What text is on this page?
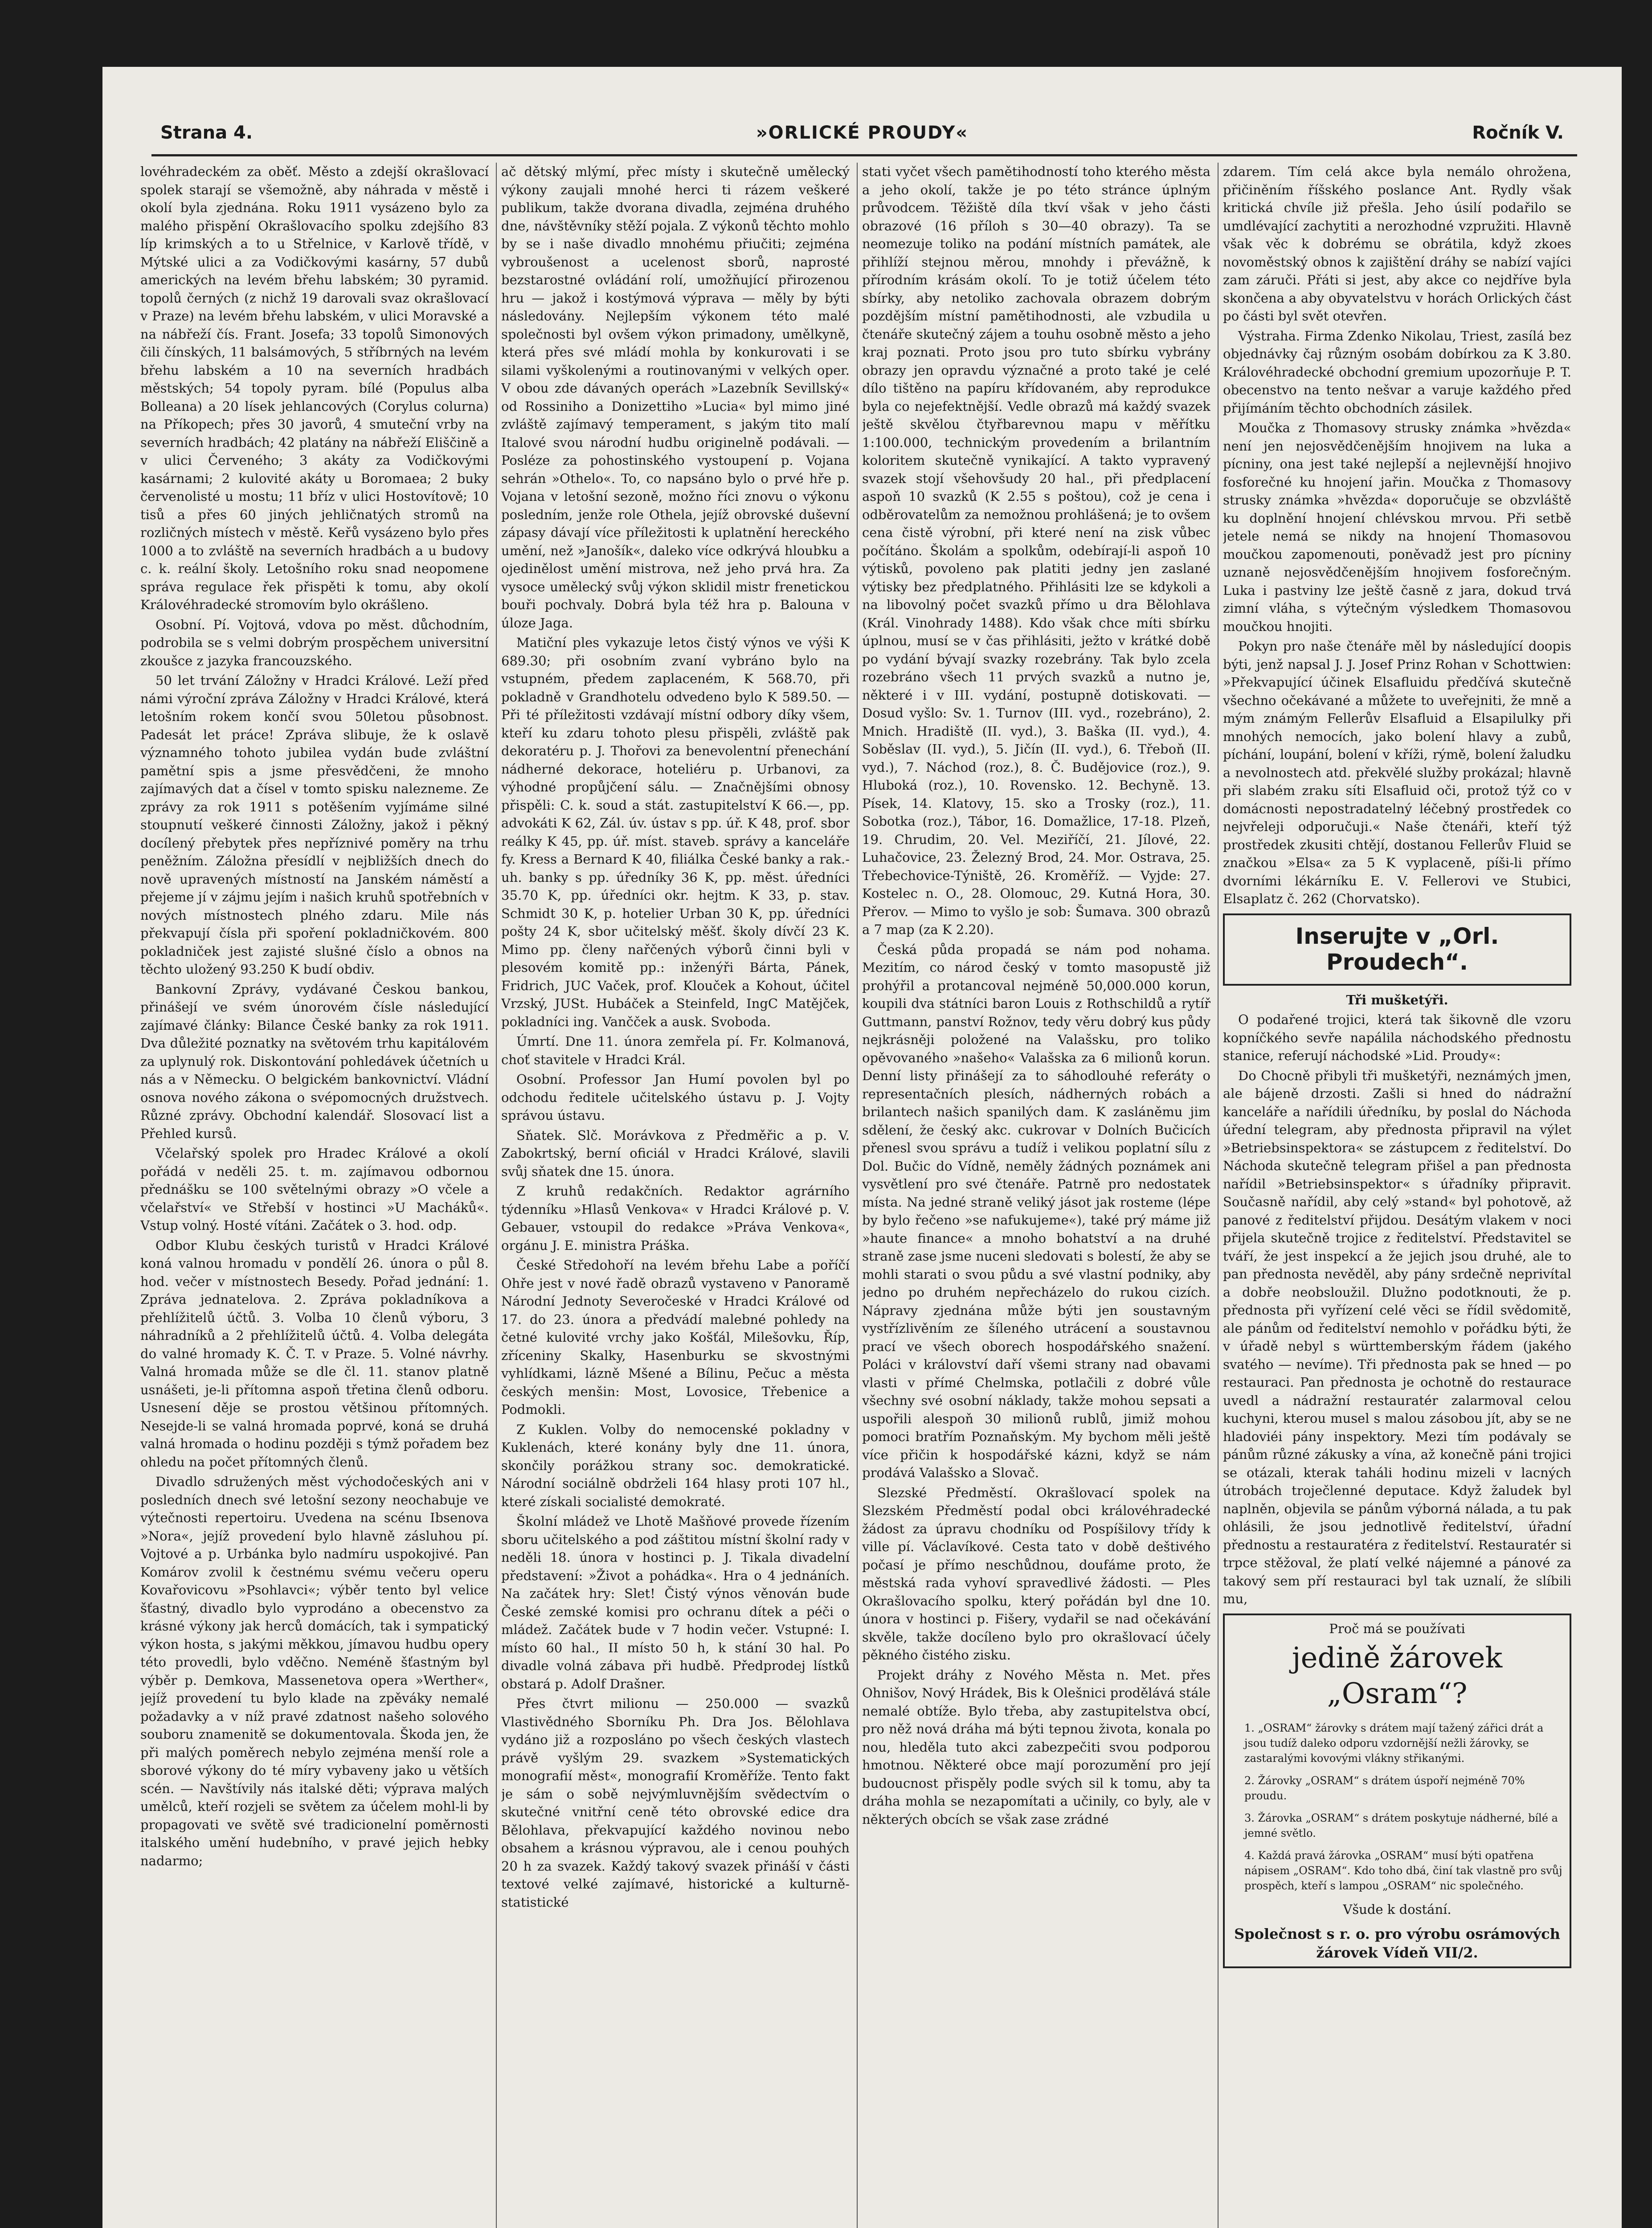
Strana 4.	»ORLICKÉ PROUDY«	Ročník V.

lovéhradeckém za oběť. Město a zdejší okrašlovací spolek starají se všemožně, aby náhrada v městě i okolí byla zjednána. Roku 1911 vysázeno bylo za malého přispění Okrašlovacího spolku zdejšího 83 líp krimských a to u Střelnice, v Karlově třídě, v Mýtské ulici a za Vodičkovými kasárny, 57 dubů amerických na levém břehu labském; 30 pyramid. topolů černých (z nichž 19 darovali svaz okrašlovací v Praze) na levém břehu labském, v ulici Moravské a na nábřeží čís. Frant. Josefa; 33 topolů Simonových čili čínských, 11 balsámových, 5 stříbrných na levém břehu labském a 10 na severních hradbách městských; 54 topoly pyram. bílé (Populus alba Bolleana) a 20 lísek jehlancových (Corylus colurna) na Příkopech; přes 30 javorů, 4 smuteční vrby na severních hradbách; 42 platány na nábřeží Eliščině a v ulici Červeného; 3 akáty za Vodičkovými kasárnami; 2 kulovité akáty u Boromaea; 2 buky červenolisté u mostu; 11 bříz v ulici Hostovítově; 10 tisů a přes 60 jiných jehličnatých stromů na rozličných místech v městě. Keřů vysázeno bylo přes 1000 a to zvláště na severních hradbách a u budovy c. k. reální školy. Letošního roku snad neopomene správa regulace řek přispěti k tomu, aby okolí Královéhradecké stromovím bylo okrášleno.

Osobní. Pí. Vojtová, vdova po měst. důchodním, podrobila se s velmi dobrým prospěchem universitní zkoušce z jazyka francouzského.

50 let trvání Záložny v Hradci Králové. Leží před námi výroční zpráva Záložny v Hradci Králové, která letošním rokem končí svou 50letou působnost. Padesát let práce! Zpráva slibuje, že k oslavě významného tohoto jubilea vydán bude zvláštní pamětní spis a jsme přesvědčeni, že mnoho zajímavých dat a čísel v tomto spisku nalezneme. Ze zprávy za rok 1911 s potěšením vyjímáme silné stoupnutí veškeré činnosti Záložny, jakož i pěkný docílený přebytek přes nepříznivé poměry na trhu peněžním. Záložna přesídlí v nejbližších dnech do nově upravených místností na Janském náměstí a přejeme jí v zájmu jejím i našich kruhů spotřebních v nových místnostech plného zdaru. Mile nás překvapují čísla při spoření pokladničkovém. 800 pokladniček jest zajisté slušné číslo a obnos na těchto uložený 93.250 K budí obdiv.

Bankovní Zprávy, vydávané Českou bankou, přinášejí ve svém únorovém čísle následující zajímavé články: Bilance České banky za rok 1911. Dva důležité poznatky na světovém trhu kapitálovém za uplynulý rok. Diskontování pohledávek účetních u nás a v Německu. O belgickém bankovnictví. Vládní osnova nového zákona o svépomocných družstvech. Různé zprávy. Obchodní kalendář. Slosovací list a Přehled kursů.

Včelařský spolek pro Hradec Králové a okolí pořádá v neděli 25. t. m. zajímavou odbornou přednášku se 100 světelnými obrazy »O včele a včelařství« ve Střebší v hostinci »U Macháků«. Vstup volný. Hosté vítáni. Začátek o 3. hod. odp.

Odbor Klubu českých turistů v Hradci Králové koná valnou hromadu v pondělí 26. února o půl 8. hod. večer v místnostech Besedy. Pořad jednání: 1. Zpráva jednatelova. 2. Zpráva pokladníkova a přehlížitelů účtů. 3. Volba 10 členů výboru, 3 náhradníků a 2 přehlížitelů účtů. 4. Volba delegáta do valné hromady K. Č. T. v Praze. 5. Volné návrhy. Valná hromada může se dle čl. 11. stanov platně usnášeti, je-li přítomna aspoň třetina členů odboru. Usnesení děje se prostou většinou přítomných. Nesejde-li se valná hromada poprvé, koná se druhá valná hromada o hodinu později s týmž pořadem bez ohledu na počet přítomných členů.

Divadlo sdružených měst východočeských ani v posledních dnech své letošní sezony neochabuje ve výtečnosti repertoiru. Uvedena na scénu Ibsenova »Nora«, jejíž provedení bylo hlavně zásluhou pí. Vojtové a p. Urbánka bylo nadmíru uspokojivé. Pan Komárov zvolil k čestnému svému večeru operu Kovařovicovu »Psohlavci«; výběr tento byl velice šťastný, divadlo bylo vyprodáno a obecenstvo za krásné výkony jak herců domácích, tak i sympatický výkon hosta, s jakými měkkou, jímavou hudbu opery této provedli, bylo vděčno. Neméně šťastným byl výběr p. Demkova, Massenetova opera »Werther«, jejíž provedení tu bylo klade na zpěváky nemalé požadavky a v níž pravé zdatnost našeho solového souboru znamenitě se dokumentovala. Škoda jen, že při malých poměrech nebylo zejména menší role a sborové výkony do té míry vybaveny jako u větších scén. — Navštívily nás italské děti; výprava malých umělců, kteří rozjeli se světem za účelem mohl-li by propagovati ve světě své tradicionelní poměrnosti italského umění hudebního, v pravé jejich hebky nadarmo;

ač dětský mlýmí, přec místy i skutečně umělecký výkony zaujali mnohé herci ti rázem veškeré publikum, takže dvorana divadla, zejména druhého dne, návštěvníky stěží pojala. Z výkonů těchto mohlo by se i naše divadlo mnohému přiučiti; zejména vybroušenost a ucelenost sborů, naprosté bezstarostné ovládání rolí, umožňující přirozenou hru — jakož i kostýmová výprava — měly by býti následovány. Nejlepším výkonem této malé společnosti byl ovšem výkon primadony, umělkyně, která přes své mládí mohla by konkurovati i se silami vyškolenými a routinovanými v velkých oper. V obou zde dávaných operách »Lazebník Sevillský« od Rossiniho a Donizettiho »Lucia« byl mimo jiné zvláště zajímavý temperament, s jakým tito malí Italové svou národní hudbu originelně podávali. — Posléze za pohostinského vystoupení p. Vojana sehrán »Othelo«. To, co napsáno bylo o prvé hře p. Vojana v letošní sezoně, možno říci znovu o výkonu posledním, jenže role Othela, jejíž obrovské duševní zápasy dávají více příležitosti k uplatnění hereckého umění, než »Janošík«, daleko více odkrývá hloubku a ojedinělost umění mistrova, než jeho prvá hra. Za vysoce umělecký svůj výkon sklidil mistr frenetickou bouři pochvaly. Dobrá byla též hra p. Balouna v úloze Jaga.

Matiční ples vykazuje letos čistý výnos ve výši K 689.30; při osobním zvaní vybráno bylo na vstupném, předem zaplaceném, K 568.70, při pokladně v Grandhotelu odvedeno bylo K 589.50. — Při té příležitosti vzdávají místní odbory díky všem, kteří ku zdaru tohoto plesu přispěli, zvláště pak dekoratéru p. J. Thořovi za benevolentní přenechání nádherné dekorace, hoteliéru p. Urbanovi, za výhodné propůjčení sálu. — Značnějšími obnosy přispěli: C. k. soud a stát. zastupitelství K 66.—, pp. advokáti K 62, Zál. úv. ústav s pp. úř. K 48, prof. sbor reálky K 45, pp. úř. míst. staveb. správy a kanceláře fy. Kress a Bernard K 40, filiálka České banky a rak.-uh. banky s pp. úředníky 36 K, pp. měst. úředníci 35.70 K, pp. úředníci okr. hejtm. K 33, p. stav. Schmidt 30 K, p. hotelier Urban 30 K, pp. úředníci pošty 24 K, sbor učitelský měšť. školy dívčí 23 K. Mimo pp. členy nařčených výborů činni byli v plesovém komitě pp.: inženýři Bárta, Pánek, Fridrich, JUC Vaček, prof. Klouček a Kohout, účitel Vrzský, JUSt. Hubáček a Steinfeld, IngC Matějček, pokladníci ing. Vančček a ausk. Svoboda.

Úmrtí. Dne 11. února zemřela pí. Fr. Kolmanová, choť stavitele v Hradci Král.

Osobní. Professor Jan Humí povolen byl po odchodu ředitele učitelského ústavu p. J. Vojty správou ústavu.

Sňatek. Slč. Morávkova z Předměřic a p. V. Zabokrtský, berní oficiál v Hradci Králové, slavili svůj sňatek dne 15. února.

Z kruhů redakčních. Redaktor agrárního týdenníku »Hlasů Venkova« v Hradci Králové p. V. Gebauer, vstoupil do redakce »Práva Venkova«, orgánu J. E. ministra Práška.

České Středohoří na levém břehu Labe a poříčí Ohře jest v nové řadě obrazů vystaveno v Panoramě Národní Jednoty Severočeské v Hradci Králové od 17. do 23. února a předvádí malebné pohledy na četné kulovité vrchy jako Košťál, Milešovku, Říp, zříceniny Skalky, Hasenburku se skvostnými vyhlídkami, lázně Mšené a Bílinu, Pečuc a města českých menšin: Most, Lovosice, Třebenice a Podmokli.

Z Kuklen. Volby do nemocenské pokladny v Kuklenách, které konány byly dne 11. února, skončily porážkou strany soc. demokratické. Národní sociálně obdrželi 164 hlasy proti 107 hl., které získali socialisté demokraté.

Školní mládež ve Lhotě Mašňové provede řízením sboru učitelského a pod záštitou místní školní rady v neděli 18. února v hostinci p. J. Tikala divadelní představení: »Život a pohádka«. Hra o 4 jednáních. Na začátek hry: Slet! Čistý výnos věnován bude České zemské komisi pro ochranu dítek a péči o mládež. Začátek bude v 7 hodin večer. Vstupné: I. místo 60 hal., II místo 50 h, k stání 30 hal. Po divadle volná zábava při hudbě. Předprodej lístků obstará p. Adolf Drašner.

Přes čtvrt milionu — 250.000 — svazků Vlastivědného Sborníku Ph. Dra Jos. Bělohlava vydáno již a rozposláno po všech českých vlastech právě vyšlým 29. svazkem »Systematických monografií měst«, monografií Kroměříže. Tento fakt je sám o sobě nejvýmluvnějším svědectvím o skutečné vnitřní ceně této obrovské edice dra Bělohlava, překvapující každého novinou nebo obsahem a krásnou výpravou, ale i cenou pouhých 20 h za svazek. Každý takový svazek přináší v části textové velké zajímavé, historické a kulturně-statistické

stati vyčet všech pamětihodností toho kterého města a jeho okolí, takže je po této stránce úplným průvodcem. Těžiště díla tkví však v jeho části obrazové (16 příloh s 30—40 obrazy). Ta se neomezuje toliko na podání místních památek, ale přihlíží stejnou měrou, mnohdy i převážně, k přírodním krásám okolí. To je totiž účelem této sbírky, aby netoliko zachovala obrazem dobrým pozdějším místní pamětihodnosti, ale vzbudila u čtenáře skutečný zájem a touhu osobně město a jeho kraj poznati. Proto jsou pro tuto sbírku vybrány obrazy jen opravdu význačné a proto také je celé dílo tištěno na papíru křídovaném, aby reprodukce byla co nejefektnější. Vedle obrazů má každý svazek ještě skvělou čtyřbarevnou mapu v měřítku 1:100.000, technickým provedením a brilantním koloritem skutečně vynikající. A takto vypravený svazek stojí všehovšudy 20 hal., při předplacení aspoň 10 svazků (K 2.55 s poštou), což je cena i odběrovatelům za nemožnou prohlášená; je to ovšem cena čistě výrobní, při které není na zisk vůbec počítáno. Školám a spolkům, odebírají-li aspoň 10 výtisků, povoleno pak platiti jedny jen zaslané výtisky bez předplatného. Přihlásiti lze se kdykoli a na libovolný počet svazků přímo u dra Bělohlava (Král. Vinohrady 1488). Kdo však chce míti sbírku úplnou, musí se v čas přihlásiti, ježto v krátké době po vydání bývají svazky rozebrány. Tak bylo zcela rozebráno všech 11 prvých svazků a nutno je, některé i v III. vydání, postupně dotiskovati. — Dosud vyšlo: Sv. 1. Turnov (III. vyd., rozebráno), 2. Mnich. Hradiště (II. vyd.), 3. Baška (II. vyd.), 4. Soběslav (II. vyd.), 5. Jičín (II. vyd.), 6. Třeboň (II. vyd.), 7. Náchod (roz.), 8. Č. Budějovice (roz.), 9. Hluboká (roz.), 10. Rovensko. 12. Bechyně. 13. Písek, 14. Klatovy, 15. sko a Trosky (roz.), 11. Sobotka (roz.), Tábor, 16. Domažlice, 17-18. Plzeň, 19. Chrudim, 20. Vel. Meziříčí, 21. Jílové, 22. Luhačovice, 23. Železný Brod, 24. Mor. Ostrava, 25. Třebechovice-Týniště, 26. Kroměříž. — Vyjde: 27. Kostelec n. O., 28. Olomouc, 29. Kutná Hora, 30. Přerov. — Mimo to vyšlo je sob: Šumava. 300 obrazů a 7 map (za K 2.20).

Česká půda propadá se nám pod nohama. Mezitím, co národ český v tomto masopustě již prohýřil a protancoval nejméně 50,000.000 korun, koupili dva státníci baron Louis z Rothschildů a rytíř Guttmann, panství Rožnov, tedy věru dobrý kus půdy nejkrásněji položené na Valašsku, pro toliko opěvovaného »našeho« Valašska za 6 milionů korun. Denní listy přinášejí za to sáhodlouhé referáty o representačních plesích, nádherných robách a brilantech našich spanilých dam. K zasláněmu jim sdělení, že český akc. cukrovar v Dolních Bučicích přenesl svou správu a tudíž i velikou poplatní sílu z Dol. Bučic do Vídně, neměly žádných poznámek ani vysvětlení pro své čtenáře. Patrně pro nedostatek místa. Na jedné straně veliký jásot jak rosteme (lépe by bylo řečeno »se nafukujeme«), také prý máme již »haute finance« a mnoho bohatství a na druhé straně zase jsme nuceni sledovati s bolestí, že aby se mohli starati o svou půdu a své vlastní podniky, aby jedno po druhém nepřecházelo do rukou cizích. Nápravy zjednána může býti jen soustavným vystřízlivěním ze šíleného utrácení a soustavnou prací ve všech oborech hospodářského snažení. Poláci v království daří všemi strany nad obavami vlasti v přímé Chelmska, potlačili z dobré vůle všechny své osobní náklady, takže mohou sepsati a uspořili alespoň 30 milionů rublů, jimiž mohou pomoci bratřím Poznaňským. My bychom měli ještě více přičin k hospodářské kázni, když se nám prodává Valašsko a Slovač.

Slezské Předměstí. Okrašlovací spolek na Slezském Předměstí podal obci královéhradecké žádost za úpravu chodníku od Pospíšilovy třídy k ville pí. Václavíkové. Cesta tato v době deštivého počasí je přímo neschůdnou, doufáme proto, že městská rada vyhoví spravedlivé žádosti. — Ples Okrašlovacího spolku, který pořádán byl dne 10. února v hostinci p. Fišery, vydařil se nad očekávání skvěle, takže docíleno bylo pro okrašlovací účely pěkného čistého zisku.

Projekt dráhy z Nového Města n. Met. přes Ohnišov, Nový Hrádek, Bis k Olešnici prodělává stále nemalé obtíže. Bylo třeba, aby zastupitelstva obcí, pro něž nová dráha má býti tepnou života, konala po nou, hleděla tuto akci zabezpečiti svou podporou hmotnou. Některé obce mají porozumění pro její budoucnost přispěly podle svých sil k tomu, aby ta dráha mohla se nezapomítati a učinily, co byly, ale v některých obcích se však zase zrádné

zdarem. Tím celá akce byla nemálo ohrožena, přičiněním říšského poslance Ant. Rydly však kritická chvíle již přešla. Jeho úsilí podařilo se umdlévající zachytiti a nerozhodné vzpružiti. Hlavně však věc k dobrému se obrátila, když zkoes novoměstský obnos k zajištění dráhy se nabízí vajíci zam záruči. Přáti si jest, aby akce co nejdříve byla skončena a aby obyvatelstvu v horách Orlických část po části byl svět otevřen.

Výstraha. Firma Zdenko Nikolau, Triest, zasílá bez objednávky čaj různým osobám dobírkou za K 3.80. Královéhradecké obchodní gremium upozorňuje P. T. obecenstvo na tento nešvar a varuje každého před přijímáním těchto obchodních zásilek.

Moučka z Thomasovy strusky známka »hvězda« není jen nejosvědčenějším hnojivem na luka a pícniny, ona jest také nejlepší a nejlevnější hnojivo fosforečné ku hnojení jařin. Moučka z Thomasovy strusky známka »hvězda« doporučuje se obzvláště ku doplnění hnojení chlévskou mrvou. Při setbě jetele nemá se nikdy na hnojení Thomasovou moučkou zapomenouti, poněvadž jest pro pícniny uznaně nejosvědčenějším hnojivem fosforečným. Luka i pastviny lze ještě časně z jara, dokud trvá zimní vláha, s výtečným výsledkem Thomasovou moučkou hnojiti.

Pokyn pro naše čtenáře měl by následující doopis býti, jenž napsal J. J. Josef Prinz Rohan v Schottwien: »Překvapující účinek Elsafluidu předčívá skutečně všechno očekávané a můžete to uveřejniti, že mně a mým známým Fellerův Elsafluid a Elsapilulky při mnohých nemocích, jako bolení hlavy a zubů, píchání, loupání, bolení v kříži, rýmě, bolení žaludku a nevolnostech atd. překvělé služby prokázal; hlavně při slabém zraku síti Elsafluid oči, protož týž co v domácnosti nepostradatelný léčebný prostředek co nejvřeleji odporučuji.« Naše čtenáři, kteří týž prostředek zkusiti chtějí, dostanou Fellerův Fluid se značkou »Elsa« za 5 K vyplaceně, píši-li přímo dvorními lékárníku E. V. Fellerovi ve Stubici, Elsaplatz č. 262 (Chorvatsko).

Inserujte v „Orl. Proudech“.

Tři mušketýři.

O podařené trojici, která tak šikovně dle vzoru kopníčkého sevře napálila náchodského přednostu stanice, referují náchodské »Lid. Proudy«:

Do Chocně přibyli tři mušketýři, neznámých jmen, ale bájeně drzosti. Zašli si hned do nádražní kanceláře a nařídili úředníku, by poslal do Náchoda úřední telegram, aby přednosta připravil na výlet »Betriebsinspektora« se zástupcem z ředitelství. Do Náchoda skutečně telegram přišel a pan přednosta nařídil »Betriebsinspektor« s úřadníky připravit. Současně nařídil, aby celý »stand« byl pohotově, až panové z ředitelství přijdou. Desátým vlakem v noci přijela skutečně trojice z ředitelství. Představitel se tváří, že jest inspekcí a že jejich jsou druhé, ale to pan přednosta nevěděl, aby pány srdečně neprivítal a dobře neobsloužil. Dlužno podotknouti, že p. přednosta při vyřízení celé věci se řídil svědomitě, ale pánům od ředitelství nemohlo v pořádku býti, že v úřadě nebyl s württemberským řádem (jakého svatého — nevíme). Tři přednosta pak se hned — po restauraci. Pan přednosta je ochotně do restaurace uvedl a nádražní restauratér zalarmoval celou kuchyni, kterou musel s malou zásobou jít, aby se ne hladoviéi pány inspektory. Mezi tím podávaly se pánům různé zákusky a vína, až konečně páni trojici se otázali, kterak taháli hodinu mizeli v lacných útrobách troječlenné deputace. Když žaludek byl naplněn, objevila se pánům výborná nálada, a tu pak ohlásili, že jsou jednotlivě ředitelství, úřadní přednostu a restauratéra z ředitelství. Restauratér si trpce stěžoval, že platí velké nájemné a pánové za takový sem pří restauraci byl tak uznalí, že slíbili mu,

Proč má se používati
jedině žárovek „Osram“?
1. „OSRAM“ žárovky s drátem mají tažený zářici drát a jsou tudíž daleko odporu vzdornější nežli žárovky, se zastaralými kovovými vlákny střikanými.
2. Žárovky „OSRAM“ s drátem úspoří nejméně 70% proudu.
3. Žárovka „OSRAM“ s drátem poskytuje nádherné, bílé a jemné světlo.
4. Každá pravá žárovka „OSRAM“ musí býti opatřena nápisem „OSRAM“. Kdo toho dbá, činí tak vlastně pro svůj prospěch, kteří s lampou „OSRAM“ nic společného.
Všude k dostání.
Společnost s r. o. pro výrobu osrámových žárovek Vídeň VII/2.
